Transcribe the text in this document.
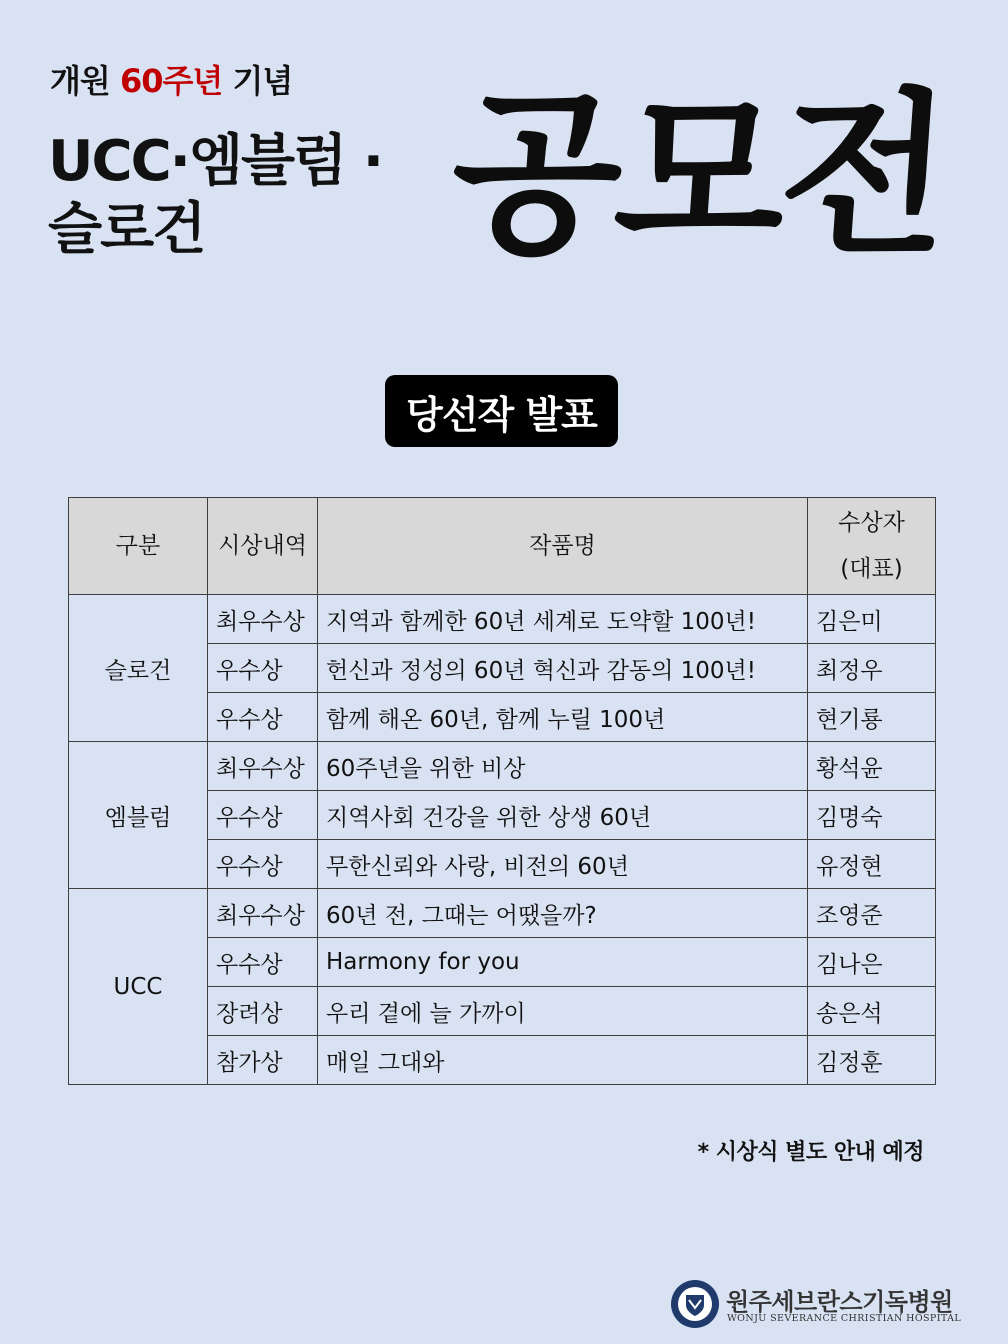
개원 60주년 기념
UCC·엠블럼 ·
슬로건	공모전
당선작 발표
구분	시상내역	작품명	수상자
(대표)

슬로건	최우수상	지역과 함께한 60년 세계로 도약할 100년!	김은미
	우수상	헌신과 정성의 60년 혁신과 감동의 100년!	최정우
	우수상	함께 해온 60년, 함께 누릴 100년	현기룡
엠블럼	최우수상	60주년을 위한 비상	황석윤
	우수상	지역사회 건강을 위한 상생 60년	김명숙
	우수상	무한신뢰와 사랑, 비전의 60년	유정현
UCC	최우수상	60년 전, 그때는 어땠을까?	조영준
	우수상	Harmony for you	김나은
	장려상	우리 곁에 늘 가까이	송은석
	참가상	매일 그대와	김정훈
* 시상식 별도 안내 예정
원주세브란스기독병원
WONJU SEVERANCE CHRISTIAN HOSPITAL
